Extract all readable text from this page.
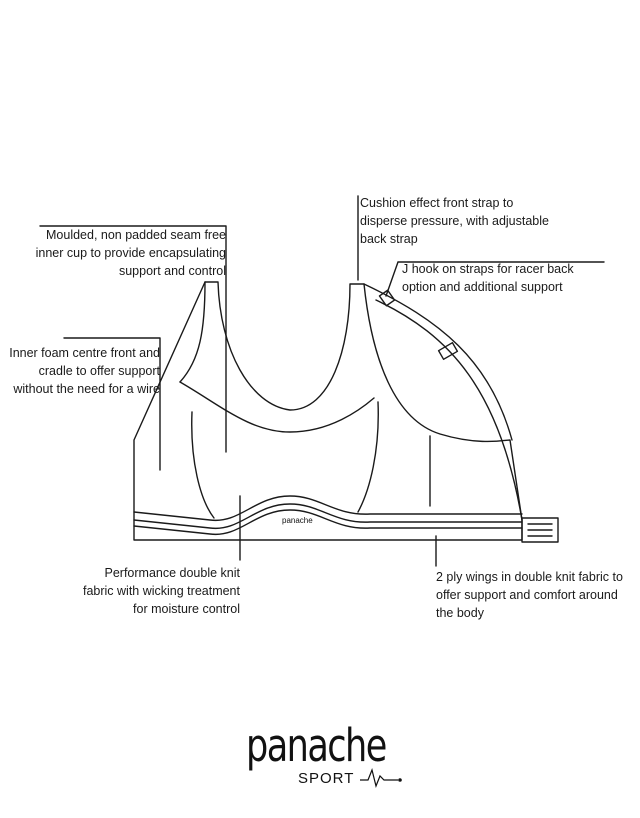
panache
Moulded, non padded seam free
inner cup to provide encapsulating
support and control
Inner foam centre front and
cradle to offer support
without the need for a wire
Cushion effect front strap to
disperse pressure, with adjustable
back strap
J hook on straps for racer back
option and additional support
Performance double knit
fabric with wicking treatment
for moisture control
2 ply wings in double knit fabric to
offer support and comfort around
the body
panache
SPORT
